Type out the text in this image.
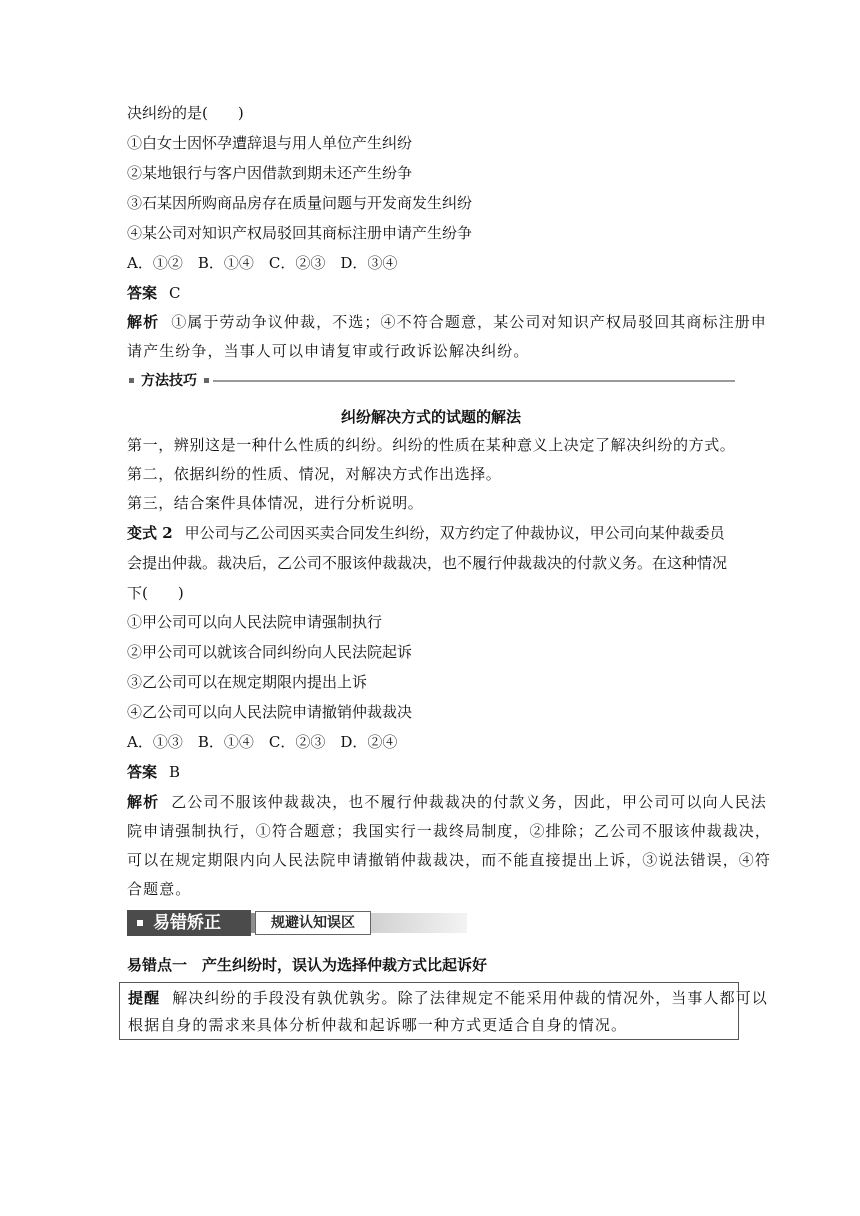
决纠纷的是(　　)
①白女士因怀孕遭辞退与用人单位产生纠纷
②某地银行与客户因借款到期未还产生纷争
③石某因所购商品房存在质量问题与开发商发生纠纷
④某公司对知识产权局驳回其商标注册申请产生纷争
A．①②　B．①④　C．②③　D．③④
答案 C
解析 ①属于劳动争议仲裁，不选；④不符合题意，某公司对知识产权局驳回其商标注册申
请产生纷争，当事人可以申请复审或行政诉讼解决纠纷。
方法技巧
纠纷解决方式的试题的解法
第一，辨别这是一种什么性质的纠纷。纠纷的性质在某种意义上决定了解决纠纷的方式。
第二，依据纠纷的性质、情况，对解决方式作出选择。
第三，结合案件具体情况，进行分析说明。
变式 2 甲公司与乙公司因买卖合同发生纠纷，双方约定了仲裁协议，甲公司向某仲裁委员
会提出仲裁。裁决后，乙公司不服该仲裁裁决，也不履行仲裁裁决的付款义务。在这种情况
下(　　)
①甲公司可以向人民法院申请强制执行
②甲公司可以就该合同纠纷向人民法院起诉
③乙公司可以在规定期限内提出上诉
④乙公司可以向人民法院申请撤销仲裁裁决
A．①③　B．①④　C．②③　D．②④
答案 B
解析 乙公司不服该仲裁裁决，也不履行仲裁裁决的付款义务，因此，甲公司可以向人民法
院申请强制执行，①符合题意；我国实行一裁终局制度，②排除；乙公司不服该仲裁裁决，
可以在规定期限内向人民法院申请撤销仲裁裁决，而不能直接提出上诉，③说法错误，④符
合题意。
易错矫正	规避认知误区
易错点一　产生纠纷时，误认为选择仲裁方式比起诉好
提醒 解决纠纷的手段没有孰优孰劣。除了法律规定不能采用仲裁的情况外，当事人都可以
根据自身的需求来具体分析仲裁和起诉哪一种方式更适合自身的情况。
